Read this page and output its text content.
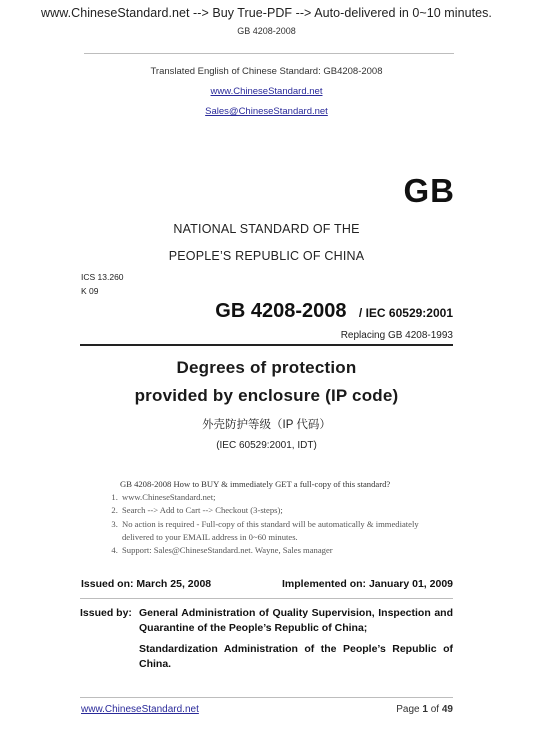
www.ChineseStandard.net --> Buy True-PDF --> Auto-delivered in 0~10 minutes.
GB 4208-2008
Translated English of Chinese Standard: GB4208-2008
www.ChineseStandard.net
Sales@ChineseStandard.net
GB
NATIONAL STANDARD OF THE
PEOPLE’S REPUBLIC OF CHINA
ICS 13.260
K 09
GB 4208-2008 / IEC 60529:2001
Replacing GB 4208-1993
Degrees of protection
provided by enclosure (IP code)
外壳防护等级（IP 代码）
(IEC 60529:2001, IDT)
GB 4208-2008 How to BUY & immediately GET a full-copy of this standard?
1. www.ChineseStandard.net;
2. Search --> Add to Cart --> Checkout (3-steps);
3. No action is required - Full-copy of this standard will be automatically & immediately delivered to your EMAIL address in 0~60 minutes.
4. Support: Sales@ChineseStandard.net. Wayne, Sales manager
Issued on: March 25, 2008	Implemented on: January 01, 2009
Issued by: General Administration of Quality Supervision, Inspection and Quarantine of the People’s Republic of China;
Standardization Administration of the People’s Republic of China.
www.ChineseStandard.net	Page 1 of 49
